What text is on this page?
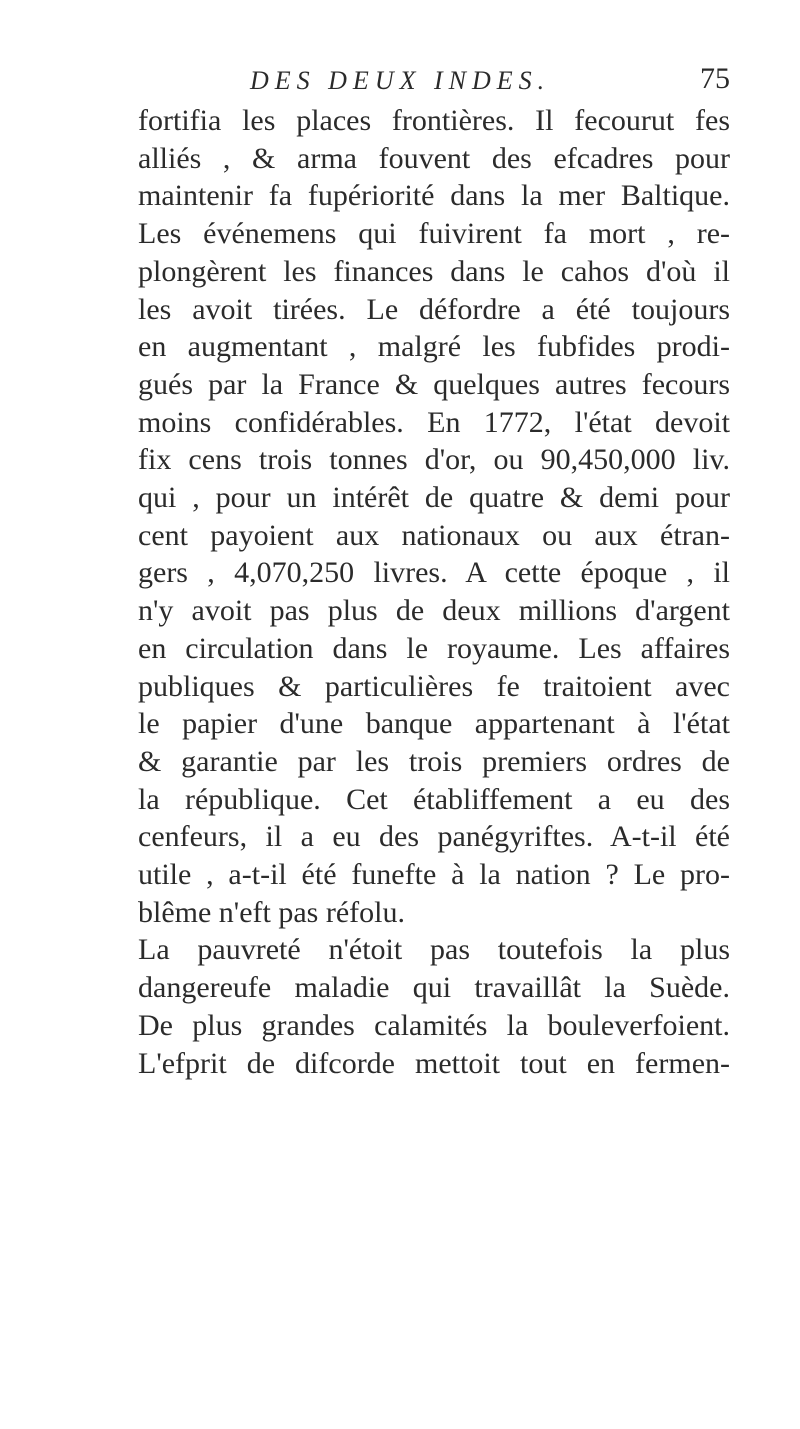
DES DEUX INDES.	75
fortifia les places frontières. Il fecourut fes
alliés , & arma fouvent des efcadres pour
maintenir fa fupériorité dans la mer Baltique.
Les événemens qui fuivirent fa mort , re-
plongèrent les finances dans le cahos d'où il
les avoit tirées. Le défordre a été toujours
en augmentant , malgré les fubfides prodi-
gués par la France & quelques autres fecours
moins confidérables. En 1772, l'état devoit
fix cens trois tonnes d'or, ou 90,450,000 liv.
qui , pour un intérêt de quatre & demi pour
cent payoient aux nationaux ou aux étran-
gers , 4,070,250 livres. A cette époque , il
n'y avoit pas plus de deux millions d'argent
en circulation dans le royaume. Les affaires
publiques & particulières fe traitoient avec
le papier d'une banque appartenant à l'état
& garantie par les trois premiers ordres de
la république. Cet établiffement a eu des
cenfeurs, il a eu des panégyriftes. A-t-il été
utile , a-t-il été funefte à la nation ? Le pro-
blême n'eft pas réfolu.
La pauvreté n'étoit pas toutefois la plus
dangereufe maladie qui travaillât la Suède.
De plus grandes calamités la bouleverfoient.
L'efprit de difcorde mettoit tout en fermen-
